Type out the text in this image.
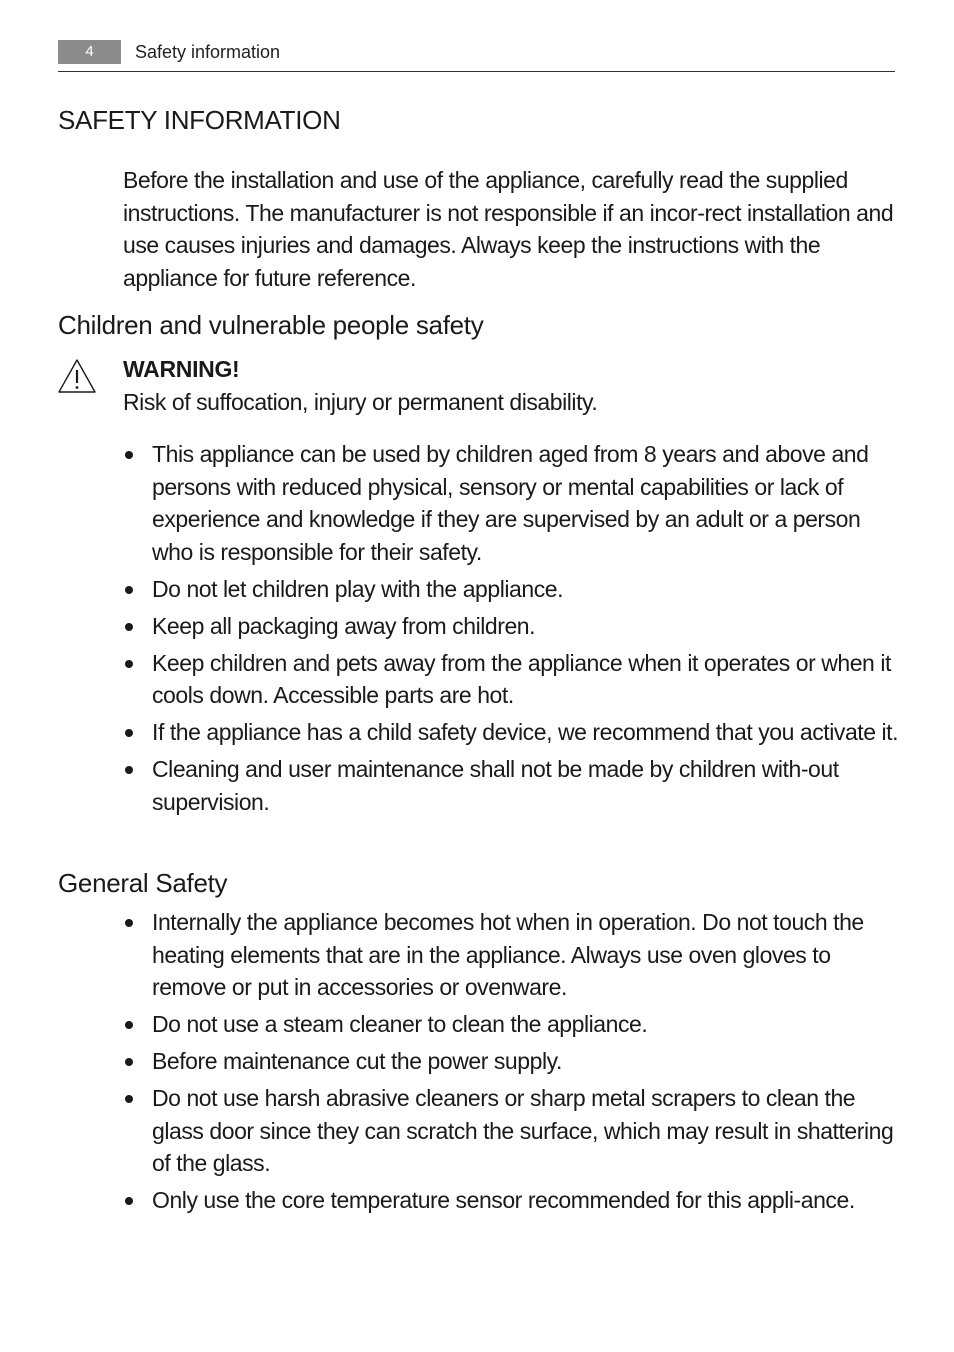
4	Safety information
SAFETY INFORMATION

Before the installation and use of the appliance, carefully read the supplied instructions. The manufacturer is not responsible if an incor-rect installation and use causes injuries and damages. Always keep the instructions with the appliance for future reference.

Children and vulnerable people safety
WARNING!
Risk of suffocation, injury or permanent disability.
This appliance can be used by children aged from 8 years and above and persons with reduced physical, sensory or mental capabilities or lack of experience and knowledge if they are supervised by an adult or a person who is responsible for their safety.
Do not let children play with the appliance.
Keep all packaging away from children.
Keep children and pets away from the appliance when it operates or when it cools down. Accessible parts are hot.
If the appliance has a child safety device, we recommend that you activate it.
Cleaning and user maintenance shall not be made by children with-out supervision.
General Safety
Internally the appliance becomes hot when in operation. Do not touch the heating elements that are in the appliance. Always use oven gloves to remove or put in accessories or ovenware.
Do not use a steam cleaner to clean the appliance.
Before maintenance cut the power supply.
Do not use harsh abrasive cleaners or sharp metal scrapers to clean the glass door since they can scratch the surface, which may result in shattering of the glass.
Only use the core temperature sensor recommended for this appli-ance.
